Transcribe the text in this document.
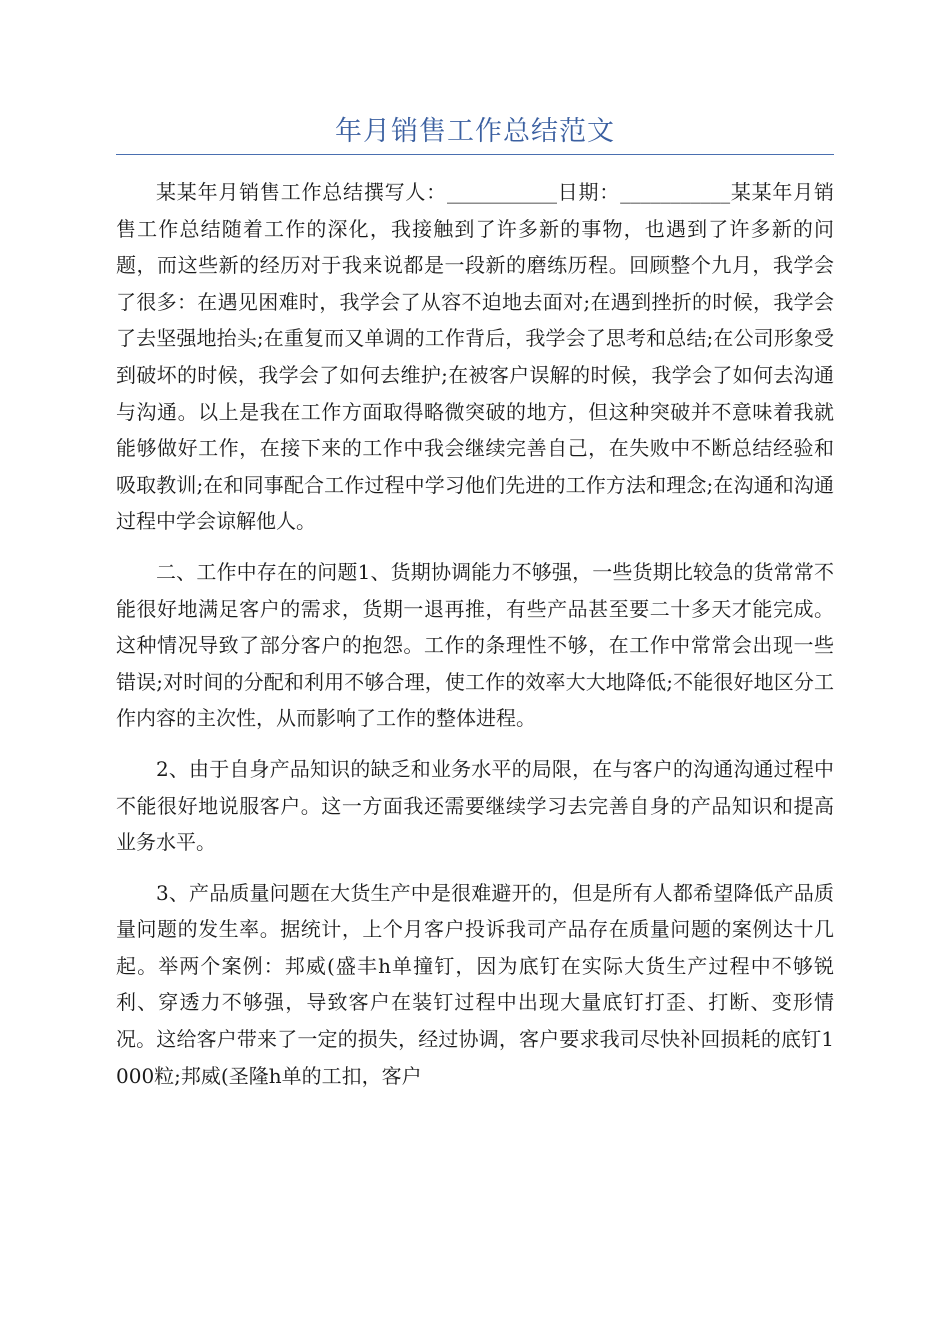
年月销售工作总结范文

某某年月销售工作总结撰写人：___________日期：___________某某年月销售工作总结随着工作的深化，我接触到了许多新的事物，也遇到了许多新的问题，而这些新的经历对于我来说都是一段新的磨练历程。回顾整个九月，我学会了很多：在遇见困难时，我学会了从容不迫地去面对;在遇到挫折的时候，我学会了去坚强地抬头;在重复而又单调的工作背后，我学会了思考和总结;在公司形象受到破坏的时候，我学会了如何去维护;在被客户误解的时候，我学会了如何去沟通与沟通。以上是我在工作方面取得略微突破的地方，但这种突破并不意味着我就能够做好工作，在接下来的工作中我会继续完善自己，在失败中不断总结经验和吸取教训;在和同事配合工作过程中学习他们先进的工作方法和理念;在沟通和沟通过程中学会谅解他人。

二、工作中存在的问题1、货期协调能力不够强，一些货期比较急的货常常不能很好地满足客户的需求，货期一退再推，有些产品甚至要二十多天才能完成。这种情况导致了部分客户的抱怨。工作的条理性不够，在工作中常常会出现一些错误;对时间的分配和利用不够合理，使工作的效率大大地降低;不能很好地区分工作内容的主次性，从而影响了工作的整体进程。

2、由于自身产品知识的缺乏和业务水平的局限，在与客户的沟通沟通过程中不能很好地说服客户。这一方面我还需要继续学习去完善自身的产品知识和提高业务水平。

3、产品质量问题在大货生产中是很难避开的，但是所有人都希望降低产品质量问题的发生率。据统计，上个月客户投诉我司产品存在质量问题的案例达十几起。举两个案例：邦威(盛丰h单撞钉，因为底钉在实际大货生产过程中不够锐利、穿透力不够强，导致客户在装钉过程中出现大量底钉打歪、打断、变形情况。这给客户带来了一定的损失，经过协调，客户要求我司尽快补回损耗的底钉1000粒;邦威(圣隆h单的工扣，客户
